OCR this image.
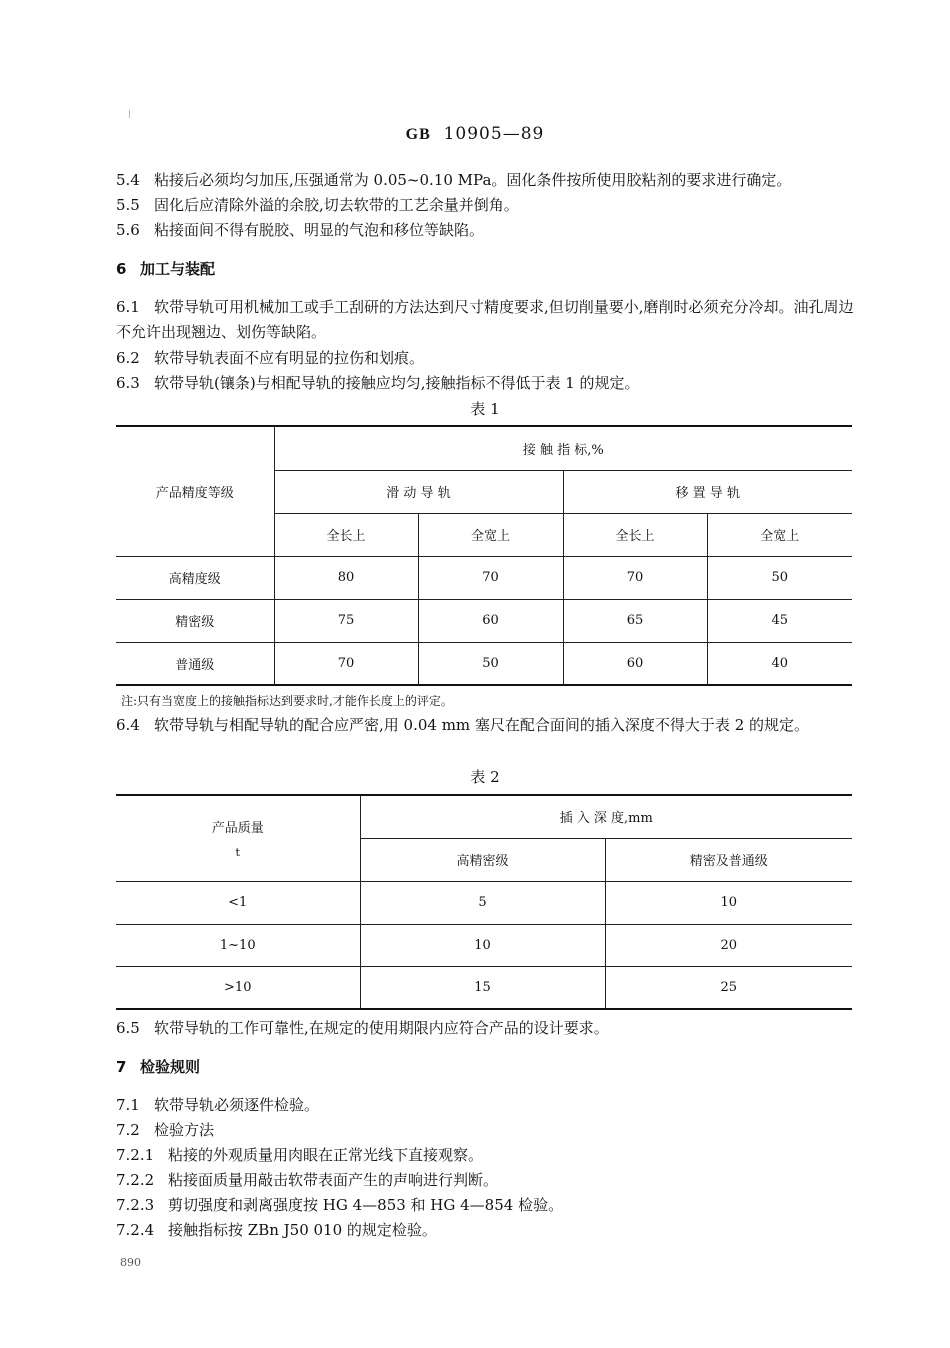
GB 10905—89
5.4 粘接后必须均匀加压,压强通常为 0.05~0.10 MPa。固化条件按所使用胶粘剂的要求进行确定。
5.5 固化后应清除外溢的余胶,切去软带的工艺余量并倒角。
5.6 粘接面间不得有脱胶、明显的气泡和移位等缺陷。
6 加工与装配
6.1 软带导轨可用机械加工或手工刮研的方法达到尺寸精度要求,但切削量要小,磨削时必须充分冷却。油孔周边不允许出现翘边、划伤等缺陷。
6.2 软带导轨表面不应有明显的拉伤和划痕。
6.3 软带导轨(镶条)与相配导轨的接触应均匀,接触指标不得低于表 1 的规定。
表 1
产品精度等级	接 触 指 标,%			
	滑 动 导 轨		移 置 导 轨	
	全长上	全宽上	全长上	全宽上
高精度级	80	70	70	50
精密级	75	60	65	45
普通级	70	50	60	40
注:只有当宽度上的接触指标达到要求时,才能作长度上的评定。
6.4 软带导轨与相配导轨的配合应严密,用 0.04 mm 塞尺在配合面间的插入深度不得大于表 2 的规定。
表 2
产品质量
t	插 入 深 度,mm	
	高精密级	精密及普通级
<1	5	10
1~10	10	20
>10	15	25
6.5 软带导轨的工作可靠性,在规定的使用期限内应符合产品的设计要求。
7 检验规则
7.1 软带导轨必须逐件检验。
7.2 检验方法
7.2.1 粘接的外观质量用肉眼在正常光线下直接观察。
7.2.2 粘接面质量用敲击软带表面产生的声响进行判断。
7.2.3 剪切强度和剥离强度按 HG 4—853 和 HG 4—854 检验。
7.2.4 接触指标按 ZBn J50 010 的规定检验。
890
